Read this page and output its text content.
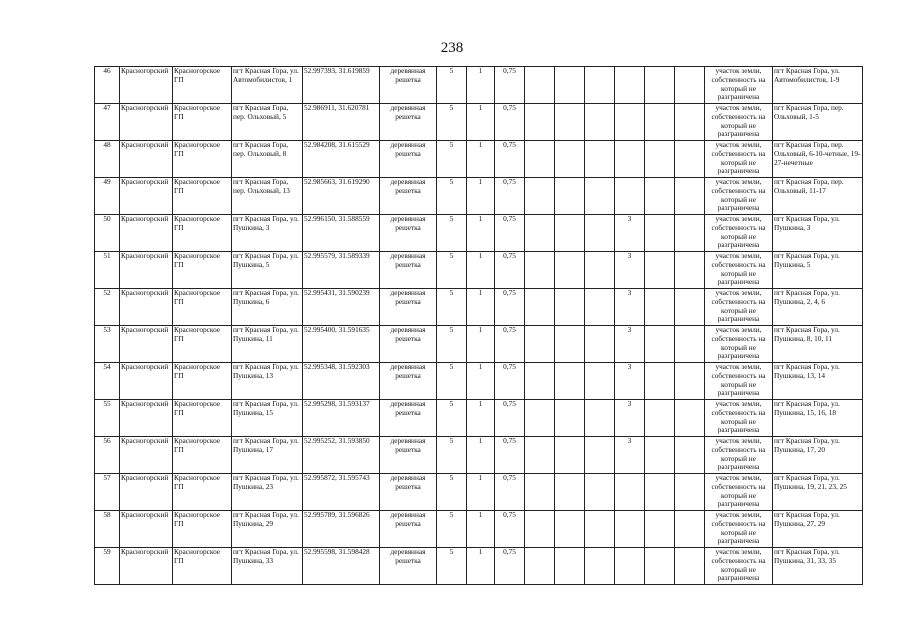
238
46	Красногорский	Красногорское ГП	пгт Красная Гора, ул. Автомобилистов, 1	52.997393, 31.619859	деревянная решетка	5	1	0,75							участок земли, собственность на который не разграничена	пгт Красная Гора, ул. Автомобилистов, 1-9
47	Красногорский	Красногорское ГП	пгт Красная Гора, пер. Ольховый, 5	52.986911, 31.620781	деревянная решетка	5	1	0,75							участок земли, собственность на который не разграничена	пгт Красная Гора, пер. Ольховый, 1-5
48	Красногорский	Красногорское ГП	пгт Красная Гора, пер. Ольховый, 8	52.984208, 31.615529	деревянная решетка	5	1	0,75							участок земли, собственность на который не разграничена	пгт Красная Гора, пер. Ольховый, 6-10-четные, 19-27-нечетные
49	Красногорский	Красногорское ГП	пгт Красная Гора, пер. Ольховый, 13	52.985663, 31.619290	деревянная решетка	5	1	0,75							участок земли, собственность на который не разграничена	пгт Красная Гора, пер. Ольховый, 11-17
50	Красногорский	Красногорское ГП	пгт Красная Гора, ул. Пушкина, 3	52.996150, 31.588559	деревянная решетка	5	1	0,75				3			участок земли, собственность на который не разграничена	пгт Красная Гора, ул. Пушкина, 3
51	Красногорский	Красногорское ГП	пгт Красная Гора, ул. Пушкина, 5	52.995579, 31.589339	деревянная решетка	5	1	0,75				3			участок земли, собственность на который не разграничена	пгт Красная Гора, ул. Пушкина, 5
52	Красногорский	Красногорское ГП	пгт Красная Гора, ул. Пушкина, 6	52.995431, 31.590239	деревянная решетка	5	1	0,75				3			участок земли, собственность на который не разграничена	пгт Красная Гора, ул. Пушкина, 2, 4, 6
53	Красногорский	Красногорское ГП	пгт Красная Гора, ул. Пушкина, 11	52.995400, 31.591635	деревянная решетка	5	1	0,75				3			участок земли, собственность на который не разграничена	пгт Красная Гора, ул. Пушкина, 8, 10, 11
54	Красногорский	Красногорское ГП	пгт Красная Гора, ул. Пушкина, 13	52.995348, 31.592303	деревянная решетка	5	1	0,75				3			участок земли, собственность на который не разграничена	пгт Красная Гора, ул. Пушкина, 13, 14
55	Красногорский	Красногорское ГП	пгт Красная Гора, ул. Пушкина, 15	52.995298, 31.593137	деревянная решетка	5	1	0,75				3			участок земли, собственность на который не разграничена	пгт Красная Гора, ул. Пушкина, 15, 16, 18
56	Красногорский	Красногорское ГП	пгт Красная Гора, ул. Пушкина, 17	52.995252, 31.593850	деревянная решетка	5	1	0,75				3			участок земли, собственность на который не разграничена	пгт Красная Гора, ул. Пушкина, 17, 20
57	Красногорский	Красногорское ГП	пгт Красная Гора, ул. Пушкина, 23	52.995872, 31.595743	деревянная решетка	5	1	0,75							участок земли, собственность на который не разграничена	пгт Красная Гора, ул. Пушкина, 19, 21, 23, 25
58	Красногорский	Красногорское ГП	пгт Красная Гора, ул. Пушкина, 29	52.995789, 31.596826	деревянная решетка	5	1	0,75							участок земли, собственность на который не разграничена	пгт Красная Гора, ул. Пушкина, 27, 29
59	Красногорский	Красногорское ГП	пгт Красная Гора, ул. Пушкина, 33	52.995598, 31.598428	деревянная решетка	5	1	0,75							участок земли, собственность на который не разграничена	пгт Красная Гора, ул. Пушкина, 31, 33, 35
